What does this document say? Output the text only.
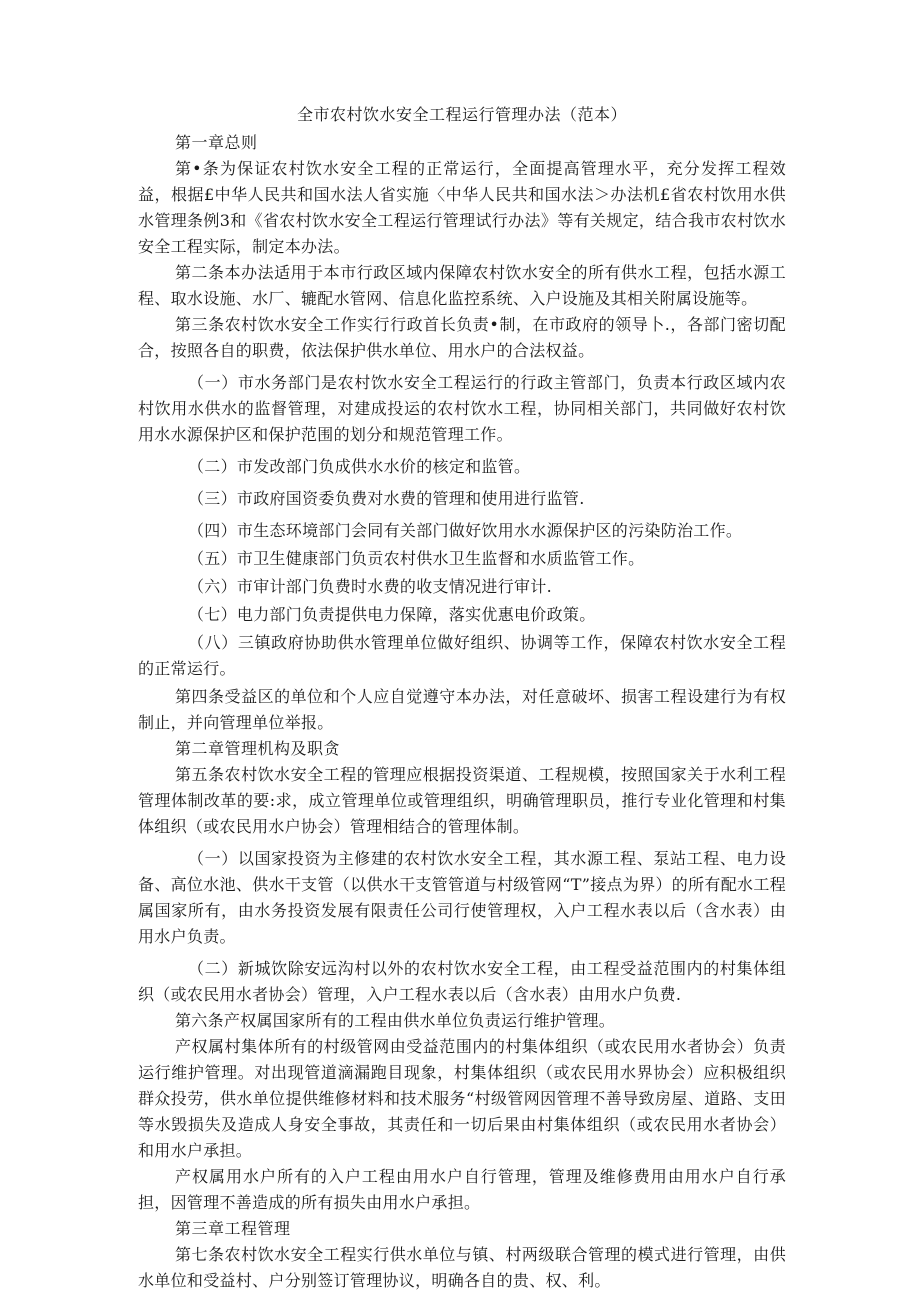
全市农村饮水安全工程运行管理办法（范本）

第一章总则

第•条为保证农村饮水安全工程的正常运行，全面提高管理水平，充分发挥工程效益，根据£中华人民共和国水法人省实施〈中华人民共和国水法＞办法机£省农村饮用水供水管理条例3和《省农村饮水安全工程运行管理试行办法》等有关规定，结合我市农村饮水安全工程实际，制定本办法。

第二条本办法适用于本市行政区域内保障农村饮水安全的所有供水工程，包括水源工程、取水设施、水厂、辘配水管网、信息化监控系统、入户设施及其相关附属设施等。

第三条农村饮水安全工作实行行政首长负责•制，在市政府的领导卜.，各部门密切配合，按照各自的职费，依法保护供水单位、用水户的合法权益。

（一）市水务部门是农村饮水安全工程运行的行政主管部门，负责本行政区域内农村饮用水供水的监督管理，对建成投运的农村饮水工程，协同相关部门，共同做好农村饮用水水源保护区和保护范围的划分和规范管理工作。

（二）市发改部门负成供水水价的核定和监管。

（三）市政府国资委负费对水费的管理和使用进行监管.

（四）市生态环境部门会同有关部门做好饮用水水源保护区的污染防治工作。

（五）市卫生健康部门负贡农村供水卫生监督和水质监管工作。

（六）市审计部门负费时水费的收支情况进行审计.

（七）电力部门负责提供电力保障，落实优惠电价政策。

（八）三镇政府协助供水管理单位做好组织、协调等工作，保障农村饮水安全工程的正常运行。

第四条受益区的单位和个人应自觉遵守本办法，对任意破坏、损害工程设建行为有权制止，并向管理单位举报。

第二章管理机构及职贪

第五条农村饮水安全工程的管理应根据投资渠道、工程规模，按照国家关于水利工程管理体制改革的要:求，成立管理单位或管理组织，明确管理职员，推行专业化管理和村集体组织（或农民用水户协会）管理相结合的管理体制。

（一）以国家投资为主修建的农村饮水安全工程，其水源工程、泵站工程、电力设备、高位水池、供水干支管（以供水干支管管道与村级管网“T”接点为界）的所有配水工程属国家所有，由水务投资发展有限责任公司行使管理权，入户工程水表以后（含水表）由用水户负责。

（二）新城饮除安远沟村以外的农村饮水安全工程，由工程受益范围内的村集体组织（或农民用水者协会）管理，入户工程水表以后（含水表）由用水户负费.

第六条产权属国家所有的工程由供水单位负责运行维护管理。

产权属村集体所有的村级管网由受益范围内的村集体组织（或农民用水者协会）负责运行维护管理。对出现管道滴漏跑目现象，村集体组织（或农民用水界协会）应积极组织群众投劳，供水单位提供维修材料和技术服务“村级管网因管理不善导致房屋、道路、支田等水毁损失及造成人身安全事故，其责任和一切后果由村集体组织（或农民用水者协会）和用水户承担。

产权属用水户所有的入户工程由用水户自行管理，管理及维修费用由用水户自行承担，因管理不善造成的所有损失由用水户承担。

第三章工程管理

第七条农村饮水安全工程实行供水单位与镇、村两级联合管理的模式进行管理，由供水单位和受益村、户分别签订管理协议，明确各自的贵、权、利。
